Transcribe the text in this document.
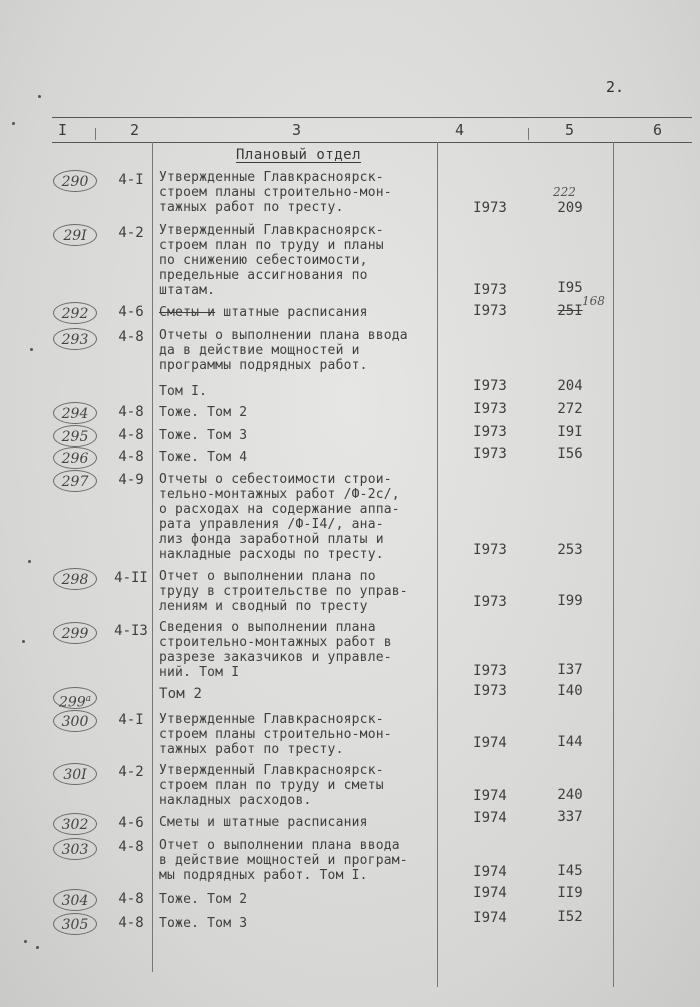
2.
I	2	3	4	5	6
Плановый отдел
290	4-I	Утвержденные Главкрасноярск-
строем планы строительно-мон-
тажных работ по тресту.
222
I973	209
29I	4-2	Утвержденный Главкрасноярск-
строем план по труду и планы
по снижению себестоимости,
предельные ассигнования по
штатам.	I973	I95
292	4-6	Сметы и штатные расписания	I973	25I
168
293	4-8	Отчеты о выполнении плана ввода
да в действие мощностей и
программы подрядных работ.
Том I.	I973	204
294	4-8	Тоже. Том 2	I973	272
295	4-8	Тоже. Том 3	I973	I9I
296	4-8	Тоже. Том 4	I973	I56
297	4-9	Отчеты о себестоимости строи-
тельно-монтажных работ /Ф-2с/,
о расходах на содержание аппа-
рата управления /Ф-I4/, ана-
лиз фонда заработной платы и
накладные расходы по тресту.	I973	253
298	4-II Отчет о выполнении плана по
труду в строительстве по управ-
лениям и сводный по тресту	I973	I99
299	4-I3 Сведения о выполнении плана
строительно-монтажных работ в
разрезе заказчиков и управле-
ний. Том I	I973	I37
299$^a$	Том 2	I973	I40
300	4-I	Утвержденные Главкрасноярск-
строем планы строительно-мон-
тажных работ по тресту.	I974	I44
30I	4-2	Утвержденный Главкрасноярск-
строем план по труду и сметы
накладных расходов.	I974	240
302	4-6	Сметы и штатные расписания	I974	337
303	4-8	Отчет о выполнении плана ввода
в действие мощностей и програм-
мы подрядных работ. Том I.	I974	I45
304	4-8	Тоже. Том 2	I974	II9
305	4-8	Тоже. Том 3	I974	I52
